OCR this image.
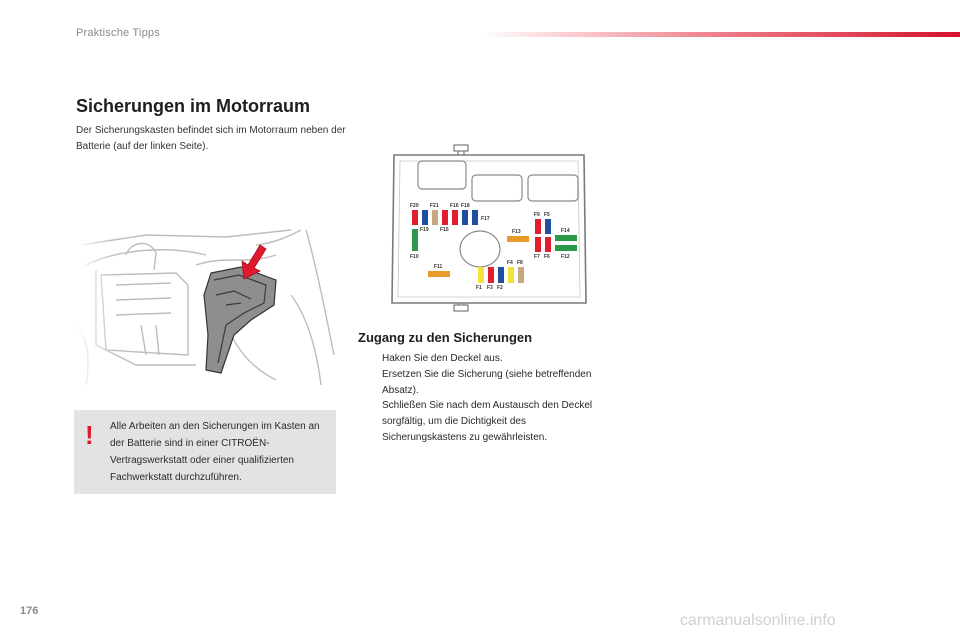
Praktische Tipps
Sicherungen im Motorraum
Der Sicherungskasten befindet sich im Motorraum neben der Batterie (auf der linken Seite).
! Alle Arbeiten an den Sicherungen im Kasten an der Batterie sind in einer CITROËN-Vertragswerkstatt oder einer qualifizierten Fachwerkstatt durchzuführen.
F20 F21 F16 F18
F17
F19 F15
F10
F11
F13
F9 F5
F14
F7 F6 F12
F4 F8
F1 F3 F2
Zugang zu den Sicherungen
Haken Sie den Deckel aus.
Ersetzen Sie die Sicherung (siehe betreffenden Absatz).
Schließen Sie nach dem Austausch den Deckel sorgfältig, um die Dichtigkeit des Sicherungskastens zu gewährleisten.
176
carmanualsonline.info
